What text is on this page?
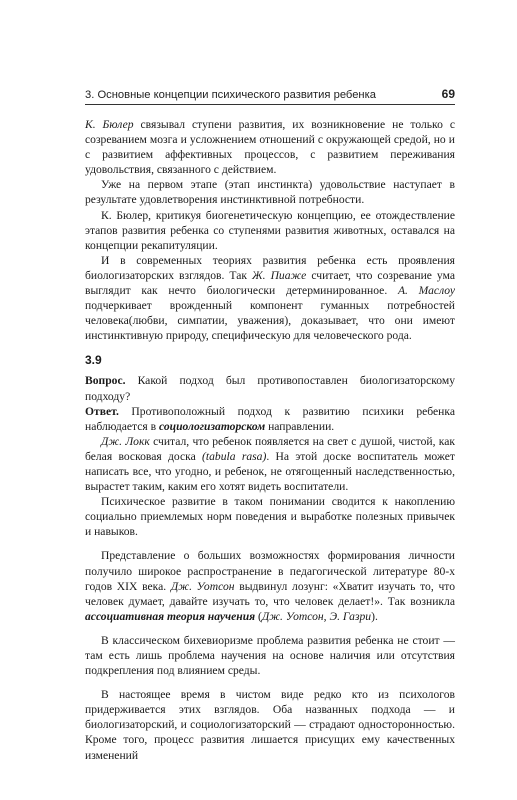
3. Основные концепции психического развития ребенка	69

К. Бюлер связывал ступени развития, их возникновение не только с созреванием мозга и усложнением отношений с окружающей средой, но и с развитием аффективных процессов, с развитием переживания удовольствия, связанного с действием.

Уже на первом этапе (этап инстинкта) удовольствие наступает в результате удовлетворения инстинктивной потребности.

К. Бюлер, критикуя биогенетическую концепцию, ее отождествление этапов развития ребенка со ступенями развития животных, оставался на концепции рекапитуляции.

И в современных теориях развития ребенка есть проявления биологизаторских взглядов. Так Ж. Пиаже считает, что созревание ума выглядит как нечто биологически детерминированное. А. Маслоу подчеркивает врожденный компонент гуманных потребностей человека(любви, симпатии, уважения), доказывает, что они имеют инстинктивную природу, специфическую для человеческого рода.

3.9

Вопрос. Какой подход был противопоставлен биологизаторскому подходу?

Ответ. Противоположный подход к развитию психики ребенка наблюдается в социологизаторском направлении.

Дж. Локк считал, что ребенок появляется на свет с душой, чистой, как белая восковая доска (tabula rasa). На этой доске воспитатель может написать все, что угодно, и ребенок, не отягощенный наследственностью, вырастет таким, каким его хотят видеть воспитатели.

Психическое развитие в таком понимании сводится к накоплению социально приемлемых норм поведения и выработке полезных привычек и навыков.

Представление о больших возможностях формирования личности получило широкое распространение в педагогической литературе 80-х годов XIX века. Дж. Уотсон выдвинул лозунг: «Хватит изучать то, что человек думает, давайте изучать то, что человек делает!». Так возникла ассоциативная теория научения (Дж. Уотсон, Э. Газри).

В классическом бихевиоризме проблема развития ребенка не стоит — там есть лишь проблема научения на основе наличия или отсутствия подкрепления под влиянием среды.

В настоящее время в чистом виде редко кто из психологов придерживается этих взглядов. Оба названных подхода — и биологизаторский, и социологизаторский — страдают односторонностью. Кроме того, процесс развития лишается присущих ему качественных изменений
